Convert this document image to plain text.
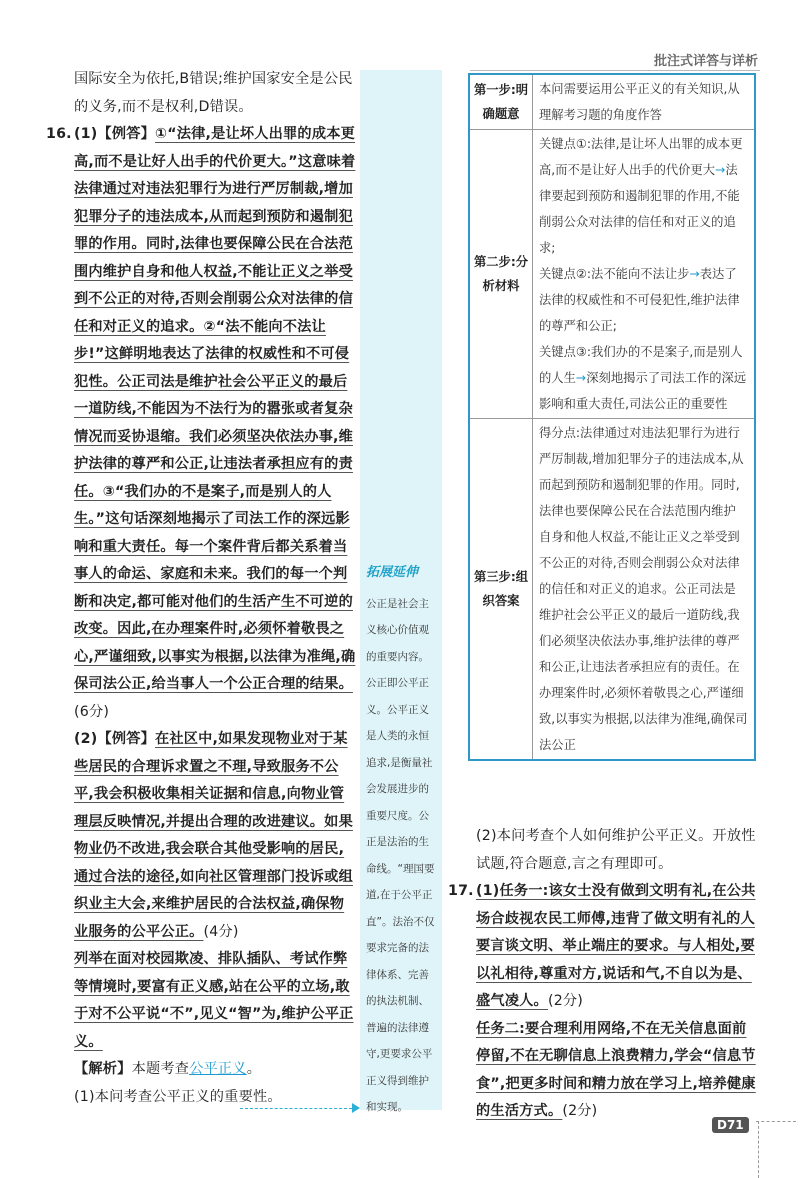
批注式详答与详析

国际安全为依托,B错误;维护国家安全是公民

的义务,而不是权利,D错误。

16. (1)【例答】①“法律,是让坏人出罪的成本更高,而不是让好人出手的代价更大。”这意味着法律通过对违法犯罪行为进行严厉制裁,增加犯罪分子的违法成本,从而起到预防和遏制犯罪的作用。同时,法律也要保障公民在合法范围内维护自身和他人权益,不能让正义之举受到不公正的对待,否则会削弱公众对法律的信任和对正义的追求。②“法不能向不法让步!”这鲜明地表达了法律的权威性和不可侵犯性。公正司法是维护社会公平正义的最后一道防线,不能因为不法行为的嚣张或者复杂情况而妥协退缩。我们必须坚决依法办事,维护法律的尊严和公正,让违法者承担应有的责任。③“我们办的不是案子,而是别人的人生。”这句话深刻地揭示了司法工作的深远影响和重大责任。每一个案件背后都关系着当事人的命运、家庭和未来。我们的每一个判断和决定,都可能对他们的生活产生不可逆的改变。因此,在办理案件时,必须怀着敬畏之心,严谨细致,以事实为根据,以法律为准绳,确保司法公正,给当事人一个公正合理的结果。(6分)

(2)【例答】在社区中,如果发现物业对于某些居民的合理诉求置之不理,导致服务不公平,我会积极收集相关证据和信息,向物业管理层反映情况,并提出合理的改进建议。如果物业仍不改进,我会联合其他受影响的居民,通过合法的途径,如向社区管理部门投诉或组织业主大会,来维护居民的合法权益,确保物业服务的公平公正。(4分)

列举在面对校园欺凌、排队插队、考试作弊等情境时,要富有正义感,站在公平的立场,敢于对不公平说“不”,见义“智”为,维护公平正义。

【解析】本题考查公平正义。

(1)本问考查公平正义的重要性。

拓展延伸
公正是社会主义核心价值观的重要内容。公正即公平正义。公平正义是人类的永恒追求,是衡量社会发展进步的重要尺度。公正是法治的生命线。“理国要道,在于公平正直”。法治不仅要求完备的法律体系、完善的执法机制、普遍的法律遵守,更要求公平正义得到维护和实现。
第一步:明确题意	本问需要运用公平正义的有关知识,从理解考习题的角度作答
第二步:分析材料	关键点①:法律,是让坏人出罪的成本更高,而不是让好人出手的代价更大→法律要起到预防和遏制犯罪的作用,不能削弱公众对法律的信任和对正义的追求;

关键点②:法不能向不法让步→表达了法律的权威性和不可侵犯性,维护法律的尊严和公正;

关键点③:我们办的不是案子,而是别人的人生→深刻地揭示了司法工作的深远影响和重大责任,司法公正的重要性

第三步:组织答案	得分点:法律通过对违法犯罪行为进行严厉制裁,增加犯罪分子的违法成本,从而起到预防和遏制犯罪的作用。同时,法律也要保障公民在合法范围内维护自身和他人权益,不能让正义之举受到不公正的对待,否则会削弱公众对法律的信任和对正义的追求。公正司法是维护社会公平正义的最后一道防线,我们必须坚决依法办事,维护法律的尊严和公正,让违法者承担应有的责任。在办理案件时,必须怀着敬畏之心,严谨细致,以事实为根据,以法律为准绳,确保司法公正

(2)本问考查个人如何维护公平正义。开放性试题,符合题意,言之有理即可。

17. (1)任务一:该女士没有做到文明有礼,在公共场合歧视农民工师傅,违背了做文明有礼的人要言谈文明、举止端庄的要求。与人相处,要以礼相待,尊重对方,说话和气,不自以为是、盛气凌人。(2分)

任务二:要合理利用网络,不在无关信息面前停留,不在无聊信息上浪费精力,学会“信息节食”,把更多时间和精力放在学习上,培养健康的生活方式。(2分)

D71
